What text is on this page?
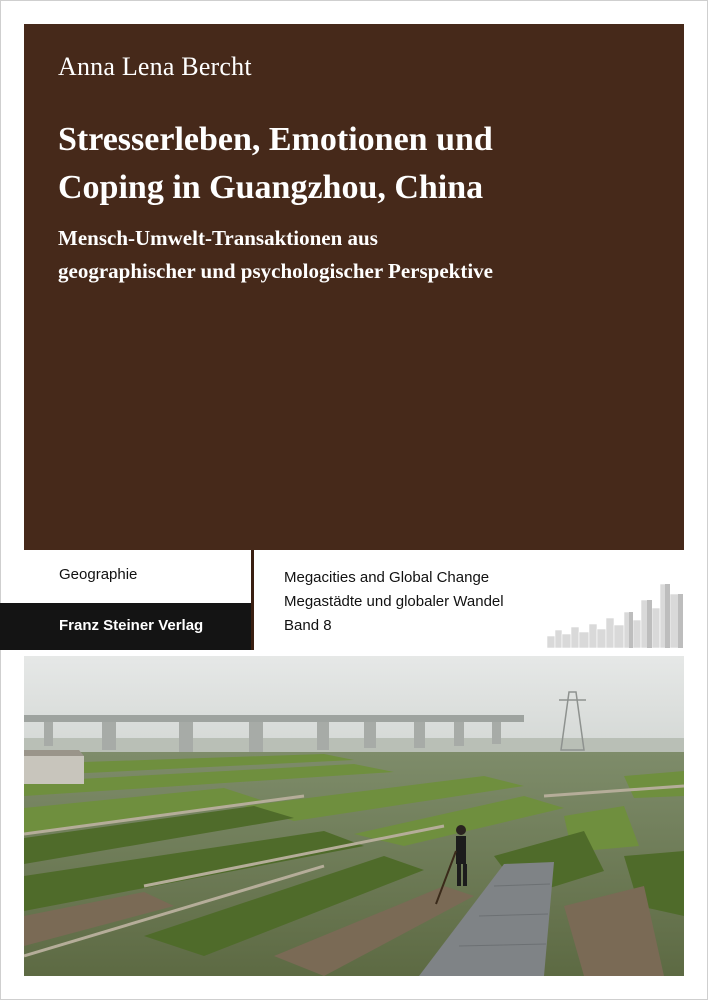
Anna Lena Bercht
Stresserleben, Emotionen und
Coping in Guangzhou, China
Mensch-Umwelt-Transaktionen aus
geographischer und psychologischer Perspektive
Geographie
Franz Steiner Verlag
Megacities and Global Change
Megastädte und globaler Wandel
Band 8
